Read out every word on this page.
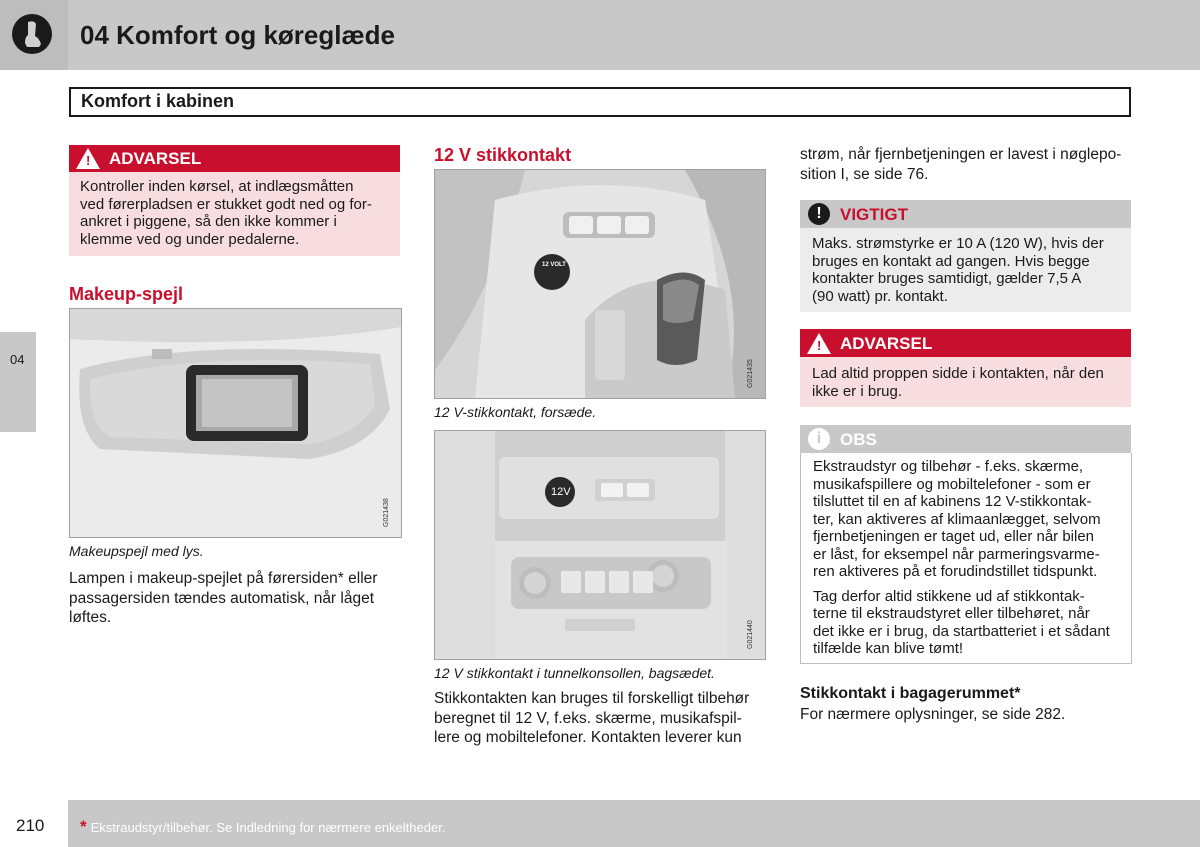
04 Komfort og køreglæde
Komfort i kabinen
04
! ADVARSEL
Kontroller inden kørsel, at indlægsmåtten
ved førerpladsen er stukket godt ned og for-
ankret i piggene, så den ikke kommer i
klemme ved og under pedalerne.
Makeup-spejl
G021438
Makeupspejl med lys.
Lampen i makeup-spejlet på førersiden* eller
passagersiden tændes automatisk, når låget
løftes.
12 V stikkontakt
12 VOLT
G021435
12 V-stikkontakt, forsæde.
12V
G021440
12 V stikkontakt i tunnelkonsollen, bagsædet.
Stikkontakten kan bruges til forskelligt tilbehør
beregnet til 12 V, f.eks. skærme, musikafspil-
lere og mobiltelefoner. Kontakten leverer kun
strøm, når fjernbetjeningen er lavest i nøglepo-
sition I, se side 76.
!	VIGTIGT
Maks. strømstyrke er 10 A (120 W), hvis der
bruges en kontakt ad gangen. Hvis begge
kontakter bruges samtidigt, gælder 7,5 A
(90 watt) pr. kontakt.
! ADVARSEL
Lad altid proppen sidde i kontakten, når den
ikke er i brug.
i	OBS
Ekstraudstyr og tilbehør - f.eks. skærme,
musikafspillere og mobiltelefoner - som er
tilsluttet til en af kabinens 12 V-stikkontak-
ter, kan aktiveres af klimaanlægget, selvom
fjernbetjeningen er taget ud, eller når bilen
er låst, for eksempel når parmeringsvarme-
ren aktiveres på et forudindstillet tidspunkt.
Tag derfor altid stikkene ud af stikkontak-
terne til ekstraudstyret eller tilbehøret, når
det ikke er i brug, da startbatteriet i et sådant
tilfælde kan blive tømt!
Stikkontakt i bagagerummet*
For nærmere oplysninger, se side 282.
210 * Ekstraudstyr/tilbehør. Se Indledning for nærmere enkeltheder.
